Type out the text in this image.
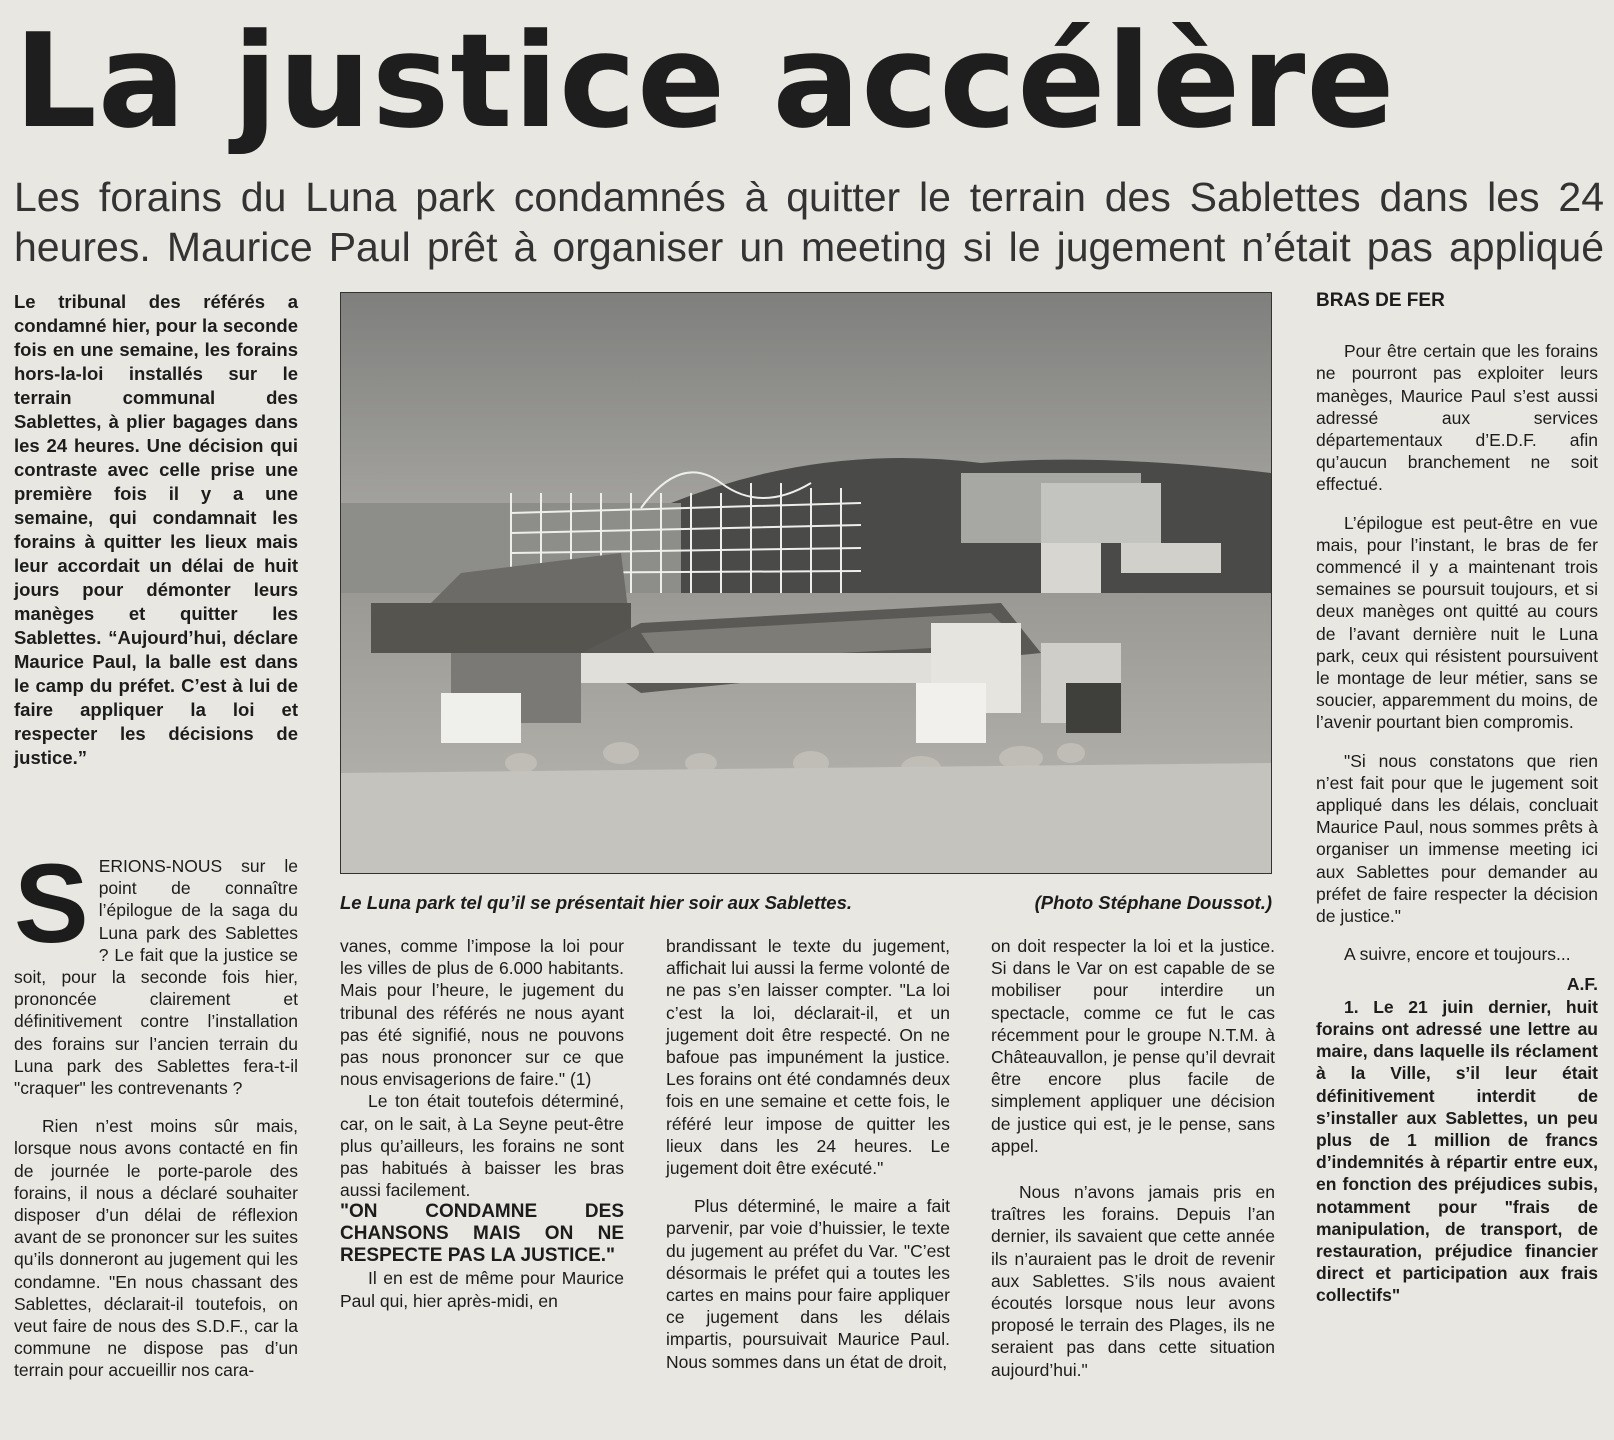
La justice accélère

Les forains du Luna park condamnés à quitter le terrain des Sablettes dans les 24 heures. Maurice Paul prêt à organiser un meeting si le jugement n’était pas appliqué

Le tribunal des référés a condamné hier, pour la seconde fois en une semaine, les forains hors-la-loi installés sur le terrain communal des Sablettes, à plier bagages dans les 24 heures. Une décision qui contraste avec celle prise une première fois il y a une semaine, qui condamnait les forains à quitter les lieux mais leur accordait un délai de huit jours pour démonter leurs manèges et quitter les Sablettes. “Aujourd’hui, déclare Maurice Paul, la balle est dans le camp du préfet. C’est à lui de faire appliquer la loi et respecter les décisions de justice.”

S ERIONS-NOUS sur le point de connaître l’épilogue de la saga du Luna park des Sablettes ? Le fait que la justice se soit, pour la seconde fois hier, prononcée clairement et définitivement contre l’installation des forains sur l’ancien terrain du Luna park des Sablettes fera-t-il "craquer" les contrevenants ?

Rien n’est moins sûr mais, lorsque nous avons contacté en fin de journée le porte-parole des forains, il nous a déclaré souhaiter disposer d’un délai de réflexion avant de se prononcer sur les suites qu’ils donneront au jugement qui les condamne. "En nous chassant des Sablettes, déclarait-il toutefois, on veut faire de nous des S.D.F., car la commune ne dispose pas d’un terrain pour accueillir nos cara-

Le Luna park tel qu’il se présentait hier soir aux Sablettes.	(Photo Stéphane Doussot.)

vanes, comme l’impose la loi pour les villes de plus de 6.000 habitants. Mais pour l’heure, le jugement du tribunal des référés ne nous ayant pas été signifié, nous ne pouvons pas nous prononcer sur ce que nous envisagerions de faire." (1)

Le ton était toutefois déterminé, car, on le sait, à La Seyne peut-être plus qu’ailleurs, les forains ne sont pas habitués à baisser les bras aussi facilement.

"ON CONDAMNE DES CHANSONS MAIS ON NE RESPECTE PAS LA JUSTICE."

Il en est de même pour Maurice Paul qui, hier après-midi, en

brandissant le texte du jugement, affichait lui aussi la ferme volonté de ne pas s’en laisser compter. "La loi c’est la loi, déclarait-il, et un jugement doit être respecté. On ne bafoue pas impunément la justice. Les forains ont été condamnés deux fois en une semaine et cette fois, le référé leur impose de quitter les lieux dans les 24 heures. Le jugement doit être exécuté."

Plus déterminé, le maire a fait parvenir, par voie d’huissier, le texte du jugement au préfet du Var. "C’est désormais le préfet qui a toutes les cartes en mains pour faire appliquer ce jugement dans les délais impartis, poursuivait Maurice Paul. Nous sommes dans un état de droit,

on doit respecter la loi et la justice. Si dans le Var on est capable de se mobiliser pour interdire un spectacle, comme ce fut le cas récemment pour le groupe N.T.M. à Châteauvallon, je pense qu’il devrait être encore plus facile de simplement appliquer une décision de justice qui est, je le pense, sans appel.

Nous n’avons jamais pris en traîtres les forains. Depuis l’an dernier, ils savaient que cette année ils n’auraient pas le droit de revenir aux Sablettes. S’ils nous avaient écoutés lorsque nous leur avons proposé le terrain des Plages, ils ne seraient pas dans cette situation aujourd’hui."

BRAS DE FER

Pour être certain que les forains ne pourront pas exploiter leurs manèges, Maurice Paul s’est aussi adressé aux services départementaux d’E.D.F. afin qu’aucun branchement ne soit effectué.

L’épilogue est peut-être en vue mais, pour l’instant, le bras de fer commencé il y a maintenant trois semaines se poursuit toujours, et si deux manèges ont quitté au cours de l’avant dernière nuit le Luna park, ceux qui résistent poursuivent le montage de leur métier, sans se soucier, apparemment du moins, de l’avenir pourtant bien compromis.

"Si nous constatons que rien n’est fait pour que le jugement soit appliqué dans les délais, concluait Maurice Paul, nous sommes prêts à organiser un immense meeting ici aux Sablettes pour demander au préfet de faire respecter la décision de justice."

A suivre, encore et toujours...

A.F.

1. Le 21 juin dernier, huit forains ont adressé une lettre au maire, dans laquelle ils réclament à la Ville, s’il leur était définitivement interdit de s’installer aux Sablettes, un peu plus de 1 million de francs d’indemnités à répartir entre eux, en fonction des préjudices subis, notamment pour "frais de manipulation, de transport, de restauration, préjudice financier direct et participation aux frais collectifs"
